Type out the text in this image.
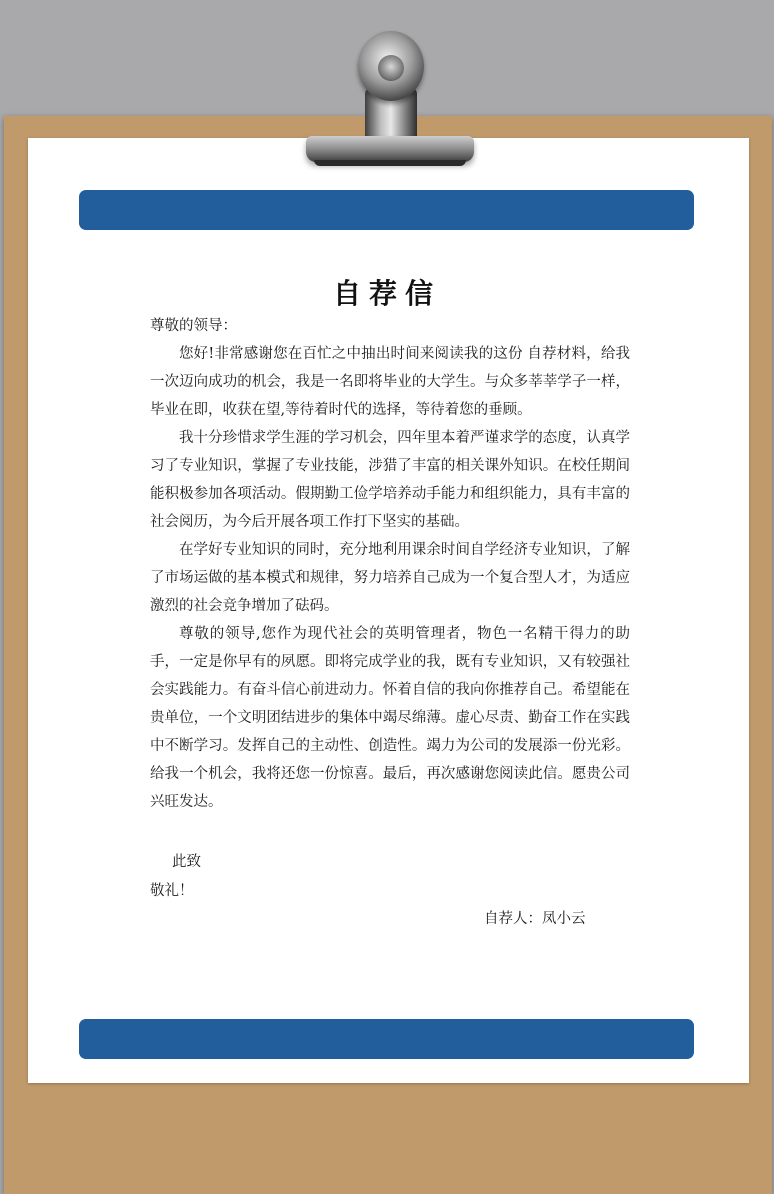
自荐信
尊敬的领导：

您好!非常感谢您在百忙之中抽出时间来阅读我的这份 自荐材料，给我一次迈向成功的机会，我是一名即将毕业的大学生。与众多莘莘学子一样，毕业在即，收获在望,等待着时代的选择，等待着您的垂顾。

我十分珍惜求学生涯的学习机会，四年里本着严谨求学的态度，认真学习了专业知识，掌握了专业技能，涉猎了丰富的相关课外知识。在校任期间能积极参加各项活动。假期勤工俭学培养动手能力和组织能力，具有丰富的社会阅历，为今后开展各项工作打下坚实的基础。

在学好专业知识的同时，充分地利用课余时间自学经济专业知识，了解了市场运做的基本模式和规律，努力培养自己成为一个复合型人才，为适应激烈的社会竞争增加了砝码。

尊敬的领导,您作为现代社会的英明管理者，物色一名精干得力的助手，一定是你早有的夙愿。即将完成学业的我，既有专业知识，又有较强社会实践能力。有奋斗信心前进动力。怀着自信的我向你推荐自己。希望能在贵单位，一个文明团结进步的集体中竭尽绵薄。虚心尽责、勤奋工作在实践中不断学习。发挥自己的主动性、创造性。竭力为公司的发展添一份光彩。给我一个机会，我将还您一份惊喜。最后，再次感谢您阅读此信。愿贵公司兴旺发达。

此致
敬礼！
自荐人：凤小云
